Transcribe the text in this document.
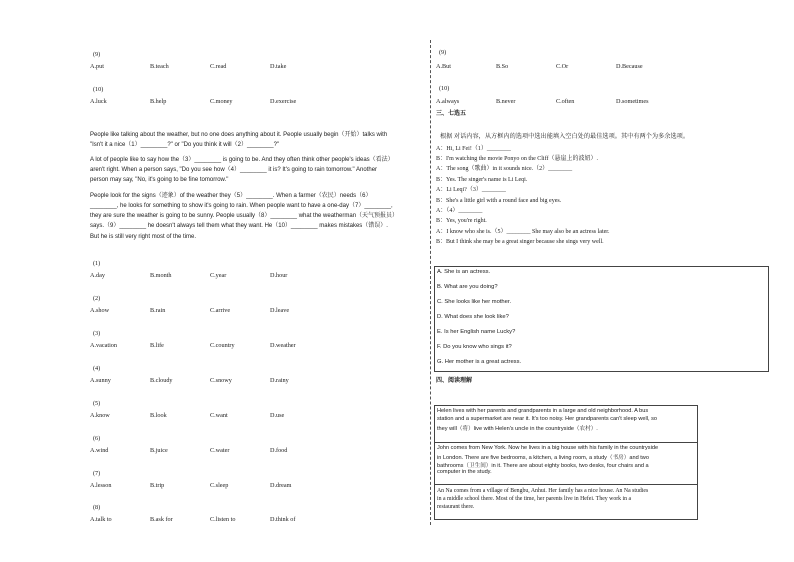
(9)
A.put	B.teach	C.read	D.take
(10)
A.luck	B.help	C.money	D.exercise
People like talking about the weather, but no one does anything about it. People usually begin（开始）talks with
"Isn't it a nice（1）________?" or "Do you think it will（2）________?"
A lot of people like to say how the（3）________ is going to be. And they often think other people's ideas（看法）
aren't right. When a person says, "Do you see how（4）________ it is? It's going to rain tomorrow." Another
person may say, "No, it's going to be fine tomorrow."
People look for the signs（迹象）of the weather they（5）________. When a farmer（农民）needs（6）
________, he looks for something to show it's going to rain. When people want to have a one-day（7）________,
they are sure the weather is going to be sunny. People usually（8）________ what the weatherman（天气预报员）
says.（9）________ he doesn't always tell them what they want. He（10）________ makes mistakes（错误）.
But he is still very right most of the time.
(1)
A.day	B.month	C.year	D.hour
(2)
A.show	B.rain	C.arrive	D.leave
(3)
A.vacation	B.life	C.country	D.weather
(4)
A.sunny	B.cloudy	C.snowy	D.rainy
(5)
A.know	B.look	C.want	D.use
(6)
A.wind	B.juice	C.water	D.food
(7)
A.lesson	B.trip	C.sleep	D.dream
(8)
A.talk to	B.ask for	C.listen to	D.think of
(9)
A.But	B.So	C.Or	D.Because
(10)
A.always	B.never	C.often	D.sometimes
三、七选五
根据 对话内容，从方框内的选项中选出能填入空白处的最佳选项。其中有两个为多余选项。
A：Hi, Li Fei!（1）________
B：I'm watching the movie Ponyo on the Cliff（悬崖上的波妞）.
A：The song（歌曲）in it sounds nice.（2）________
B：Yes. The singer's name is Li Leqi.
A：Li Leqi?（3）________
B：She's a little girl with a round face and big eyes.
A：（4）________
B：Yes, you're right.
A：I know who she is.（5）________ She may also be an actress later.
B：But I think she may be a great singer because she sings very well.
A. She is an actress.
B. What are you doing?
C. She looks like her mother.
D. What does she look like?
E. Is her English name Lucky?
F. Do you know who sings it?
G. Her mother is a great actress.
四、阅读理解
Helen lives with her parents and grandparents in a large and old neighborhood. A bus
station and a supermarket are near it. It's too noisy. Her grandparents can't sleep well, so
they will（将）live with Helen's uncle in the countryside（农村）.
John comes from New York. Now he lives in a big house with his family in the countryside
in London. There are five bedrooms, a kitchen, a living room, a study（书房）and two
bathrooms（卫生间）in it. There are about eighty books, two desks, four chairs and a
computer in the study.
An Na comes from a village of Bengbu, Anhui. Her family has a nice house. An Na studies
in a middle school there. Most of the time, her parents live in Hefei. They work in a
restaurant there.
